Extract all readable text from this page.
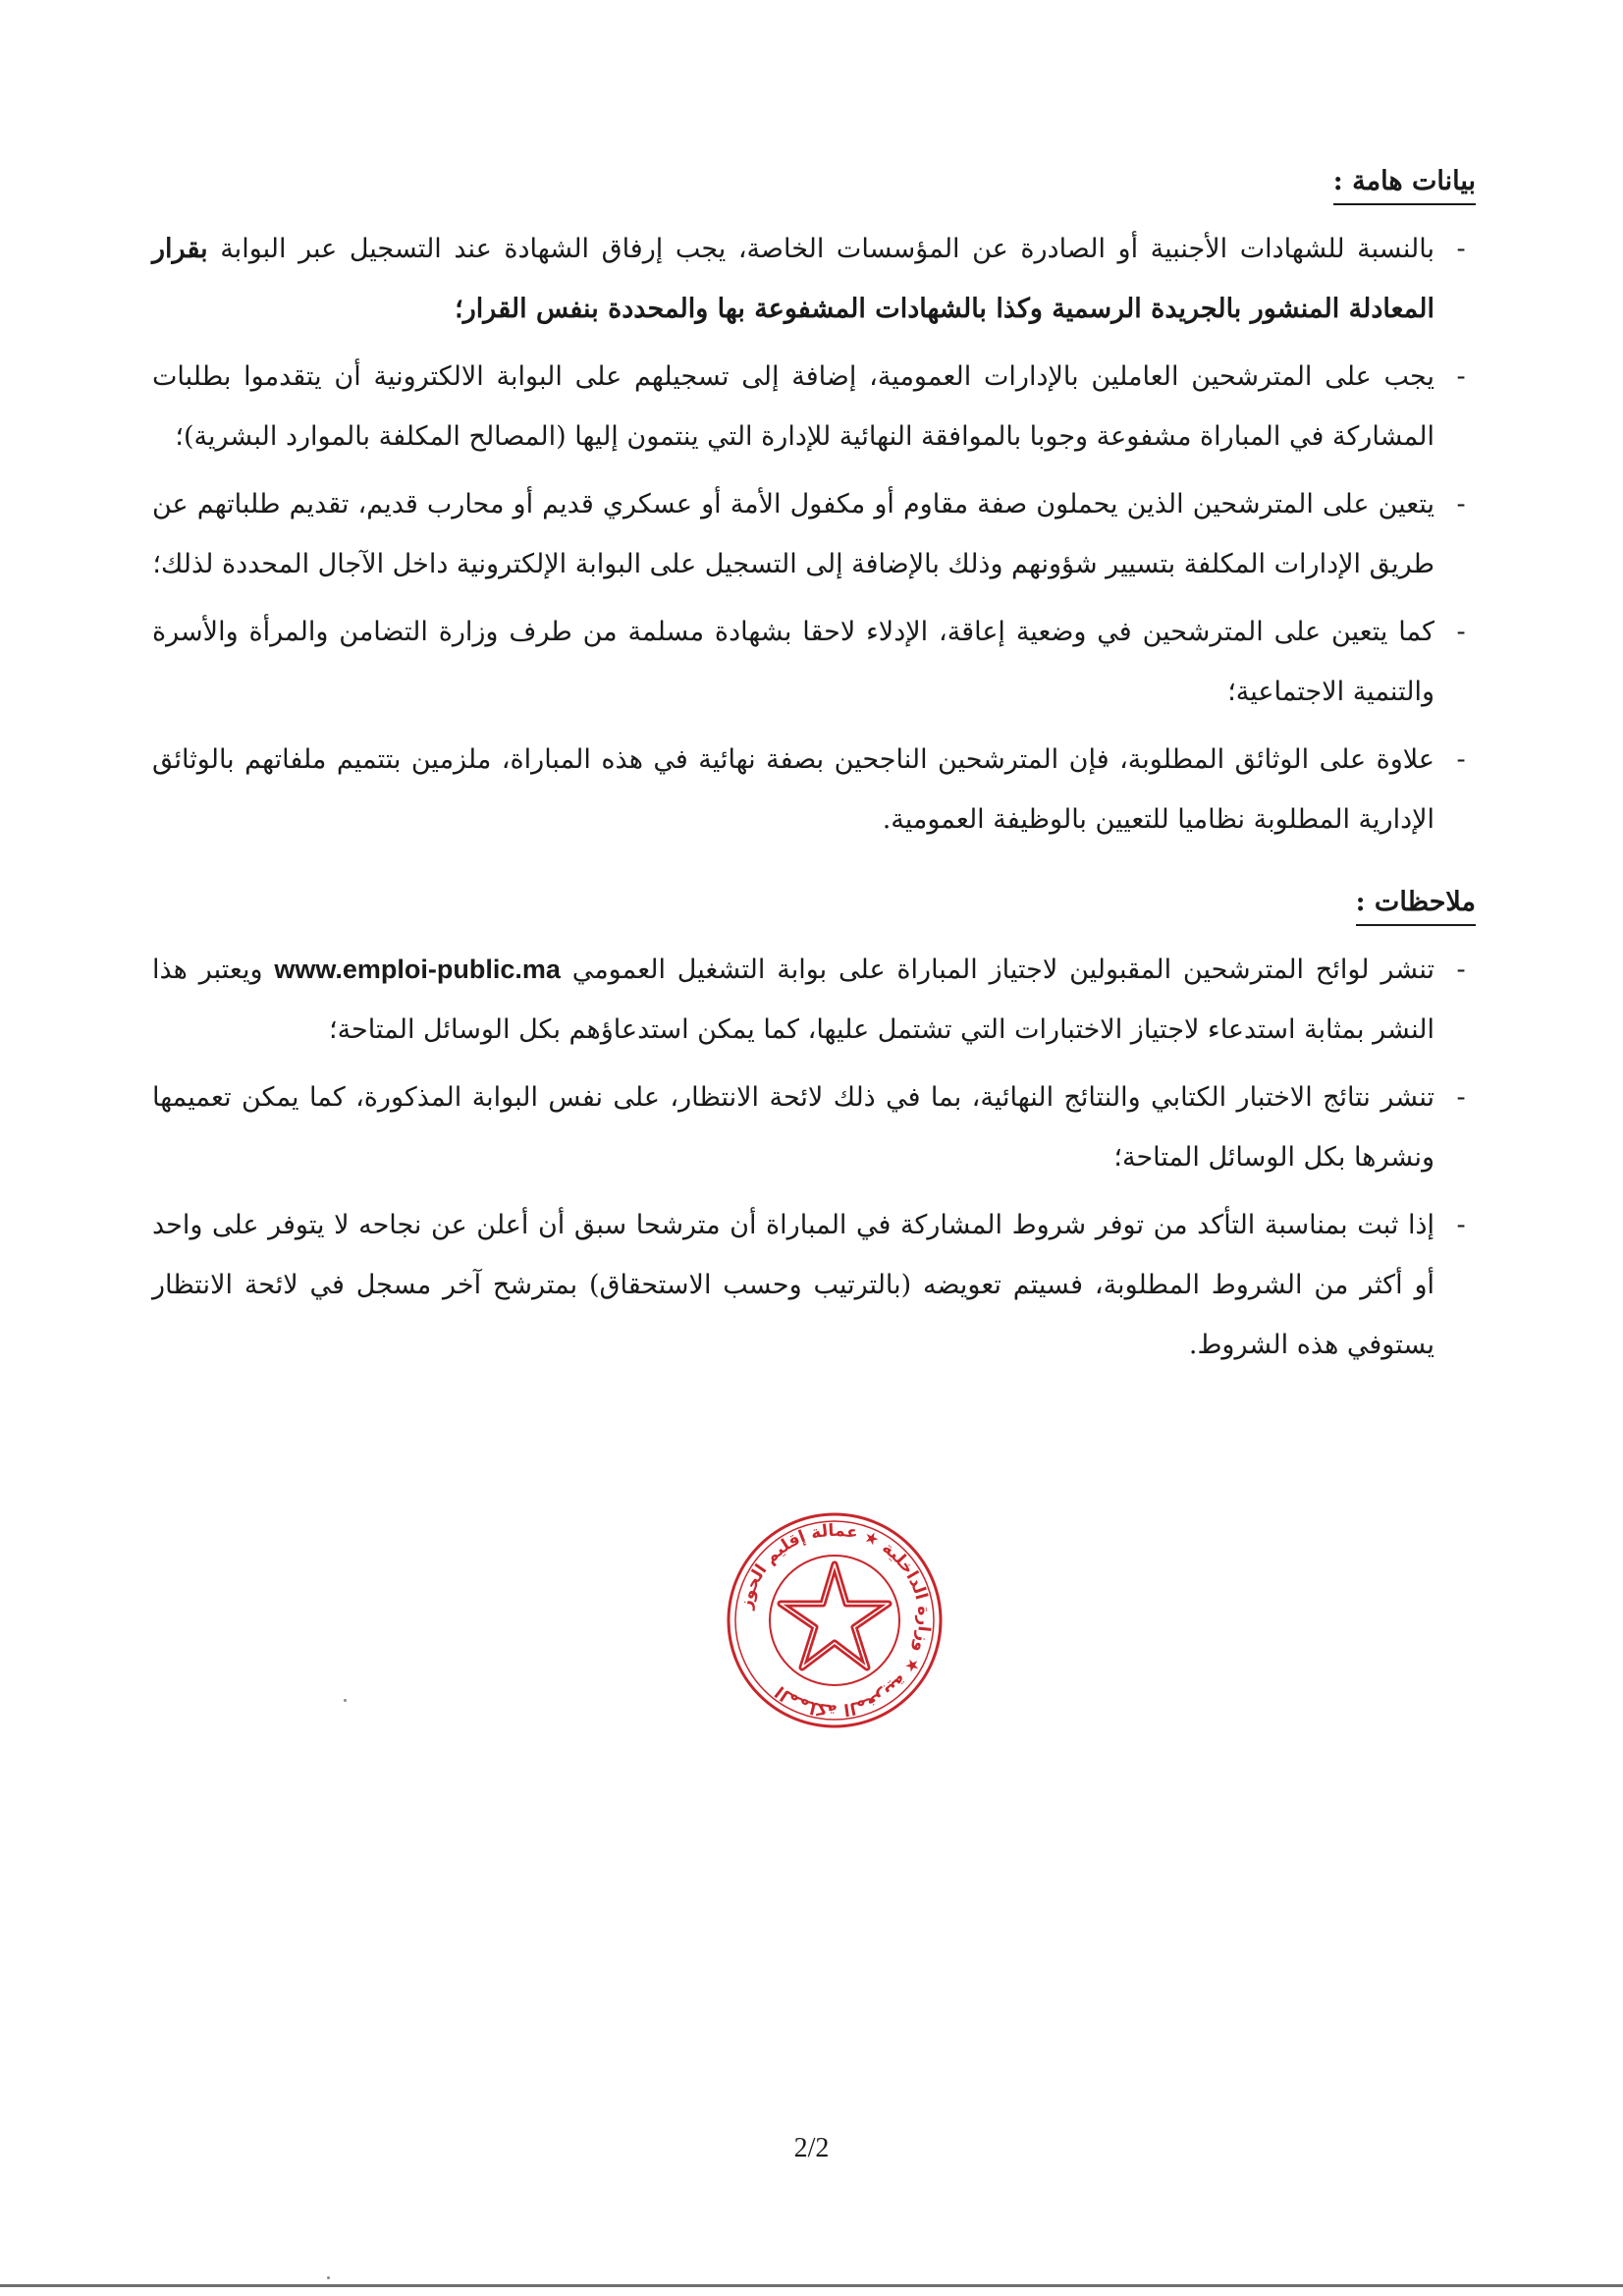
بيانات هامة :
-
بالنسبة للشهادات الأجنبية أو الصادرة عن المؤسسات الخاصة، يجب إرفاق الشهادة عند التسجيل عبر البوابة بقرار المعادلة المنشور بالجريدة الرسمية وكذا بالشهادات المشفوعة بها والمحددة بنفس القرار؛
-
يجب على المترشحين العاملين بالإدارات العمومية، إضافة إلى تسجيلهم على البوابة الالكترونية أن يتقدموا بطلبات المشاركة في المباراة مشفوعة وجوبا بالموافقة النهائية للإدارة التي ينتمون إليها (المصالح المكلفة بالموارد البشرية)؛
-
يتعين على المترشحين الذين يحملون صفة مقاوم أو مكفول الأمة أو عسكري قديم أو محارب قديم، تقديم طلباتهم عن طريق الإدارات المكلفة بتسيير شؤونهم وذلك بالإضافة إلى التسجيل على البوابة الإلكترونية داخل الآجال المحددة لذلك؛
-
كما يتعين على المترشحين في وضعية إعاقة، الإدلاء لاحقا بشهادة مسلمة من طرف وزارة التضامن والمرأة والأسرة والتنمية الاجتماعية؛
-
علاوة على الوثائق المطلوبة، فإن المترشحين الناجحين بصفة نهائية في هذه المباراة، ملزمين بتتميم ملفاتهم بالوثائق الإدارية المطلوبة نظاميا للتعيين بالوظيفة العمومية.
ملاحظات :
-
تنشر لوائح المترشحين المقبولين لاجتياز المباراة على بوابة التشغيل العمومي www.emploi-public.ma ويعتبر هذا النشر بمثابة استدعاء لاجتياز الاختبارات التي تشتمل عليها، كما يمكن استدعاؤهم بكل الوسائل المتاحة؛
-
تنشر نتائج الاختبار الكتابي والنتائج النهائية، بما في ذلك لائحة الانتظار، على نفس البوابة المذكورة، كما يمكن تعميمها ونشرها بكل الوسائل المتاحة؛
-
إذا ثبت بمناسبة التأكد من توفر شروط المشاركة في المباراة أن مترشحا سبق أن أعلن عن نجاحه لا يتوفر على واحد أو أكثر من الشروط المطلوبة، فسيتم تعويضه (بالترتيب وحسب الاستحقاق) بمترشح آخر مسجل في لائحة الانتظار يستوفي هذه الشروط.
المملكة المغربية ★ وزارة الداخلية ★ عمالة إقليم الحوز
2/2
